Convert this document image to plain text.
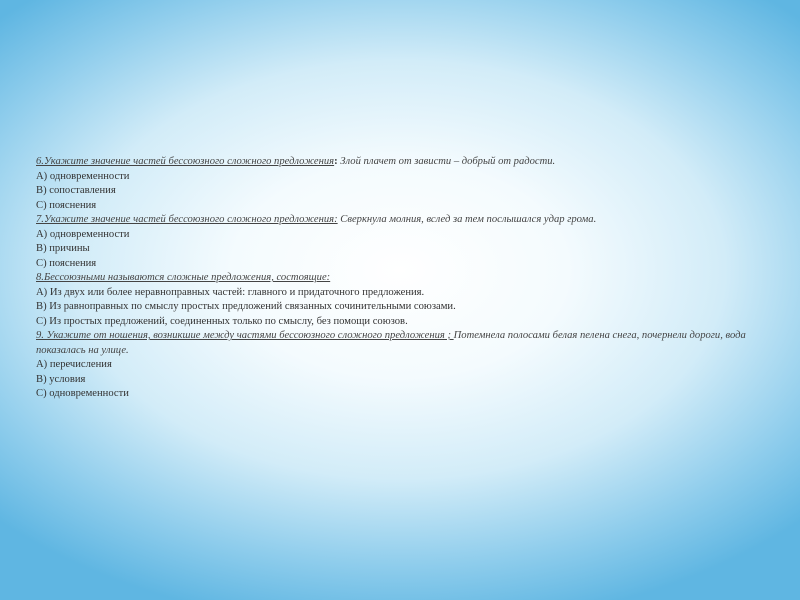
6.Укажите значение частей бессоюзного сложного предложения: Злой плачет от зависти – добрый от радости.
А) одновременности
В) сопоставления
С) пояснения
7.Укажите значение частей бессоюзного сложного предложения: Сверкнула молния, вслед за тем послышался удар грома.
А) одновременности
В) причины
С) пояснения
8.Бессоюзными называются сложные предложения, состоящие:
А) Из двух или более неравноправных частей: главного и придаточного предложения.
В) Из равноправных по смыслу простых предложений связанных сочинительными союзами.
С) Из простых предложений, соединенных только по смыслу, без помощи союзов.
9. Укажите от ношения, возникшие между частями бессоюзного сложного предложения ; Потемнела полосами белая пелена снега, почернели дороги, вода показалась на улице.
А) перечисления
В) условия
С) одновременности
